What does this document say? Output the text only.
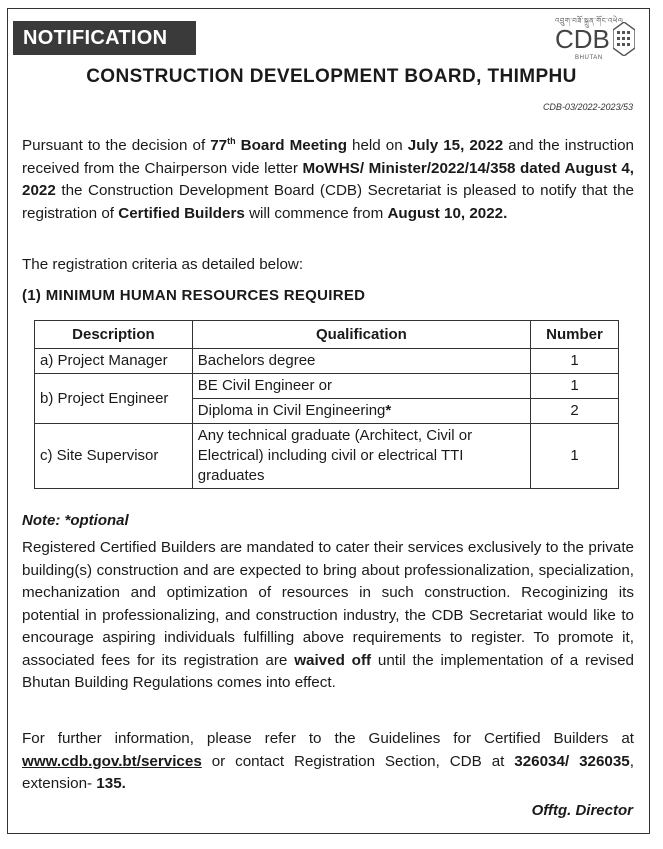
NOTIFICATION
འབྲུག་བཟོ་སྐྲུན་གོང་འཕེལ
CDB
BHUTAN
CONSTRUCTION DEVELOPMENT BOARD, THIMPHU
CDB-03/2022-2023/53
Pursuant to the decision of 77th Board Meeting held on July 15, 2022 and the instruction received from the Chairperson vide letter MoWHS/ Minister/2022/14/358 dated August 4, 2022 the Construction Development Board (CDB) Secretariat is pleased to notify that the registration of Certified Builders will commence from August 10, 2022.
The registration criteria as detailed below:
(1) MINIMUM HUMAN RESOURCES REQUIRED
Description	Qualification	Number
a) Project Manager	Bachelors degree	1
b) Project Engineer	BE Civil Engineer or	1
	Diploma in Civil Engineering*	2
c) Site Supervisor	Any technical graduate (Architect, Civil or Electrical) including civil or electrical TTI graduates	1
Note: *optional
Registered Certified Builders are mandated to cater their services exclusively to the private building(s) construction and are expected to bring about professionalization, specialization, mechanization and optimization of resources in such construction. Recoginizing its potential in professionalizing, and construction industry, the CDB Secretariat would like to encourage aspiring individuals fulfilling above requirements to register. To promote it, associated fees for its registration are waived off until the implementation of a revised Bhutan Building Regulations comes into effect.
For further information, please refer to the Guidelines for Certified Builders at www.cdb.gov.bt/services or contact Registration Section, CDB at 326034/ 326035, extension- 135.
Offtg. Director
